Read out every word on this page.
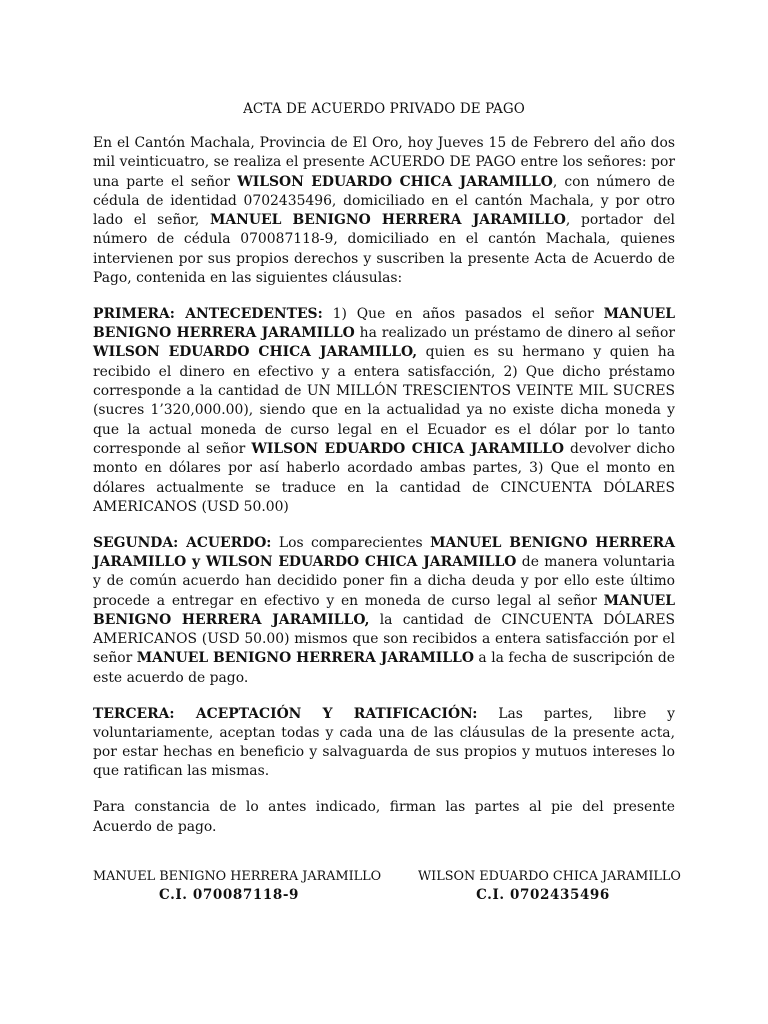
ACTA DE ACUERDO PRIVADO DE PAGO

En el Cantón Machala, Provincia de El Oro, hoy Jueves 15 de Febrero del año dos mil veinticuatro, se realiza el presente ACUERDO DE PAGO entre los señores: por una parte el señor WILSON EDUARDO CHICA JARAMILLO, con número de cédula de identidad 0702435496, domiciliado en el cantón Machala, y por otro lado el señor, MANUEL BENIGNO HERRERA JARAMILLO, portador del número de cédula 070087118-9, domiciliado en el cantón Machala, quienes intervienen por sus propios derechos y suscriben la presente Acta de Acuerdo de Pago, contenida en las siguientes cláusulas:

PRIMERA: ANTECEDENTES: 1) Que en años pasados el señor MANUEL BENIGNO HERRERA JARAMILLO ha realizado un préstamo de dinero al señor WILSON EDUARDO CHICA JARAMILLO, quien es su hermano y quien ha recibido el dinero en efectivo y a entera satisfacción, 2) Que dicho préstamo corresponde a la cantidad de UN MILLÓN TRESCIENTOS VEINTE MIL SUCRES (sucres 1’320,000.00), siendo que en la actualidad ya no existe dicha moneda y que la actual moneda de curso legal en el Ecuador es el dólar por lo tanto corresponde al señor WILSON EDUARDO CHICA JARAMILLO devolver dicho monto en dólares por así haberlo acordado ambas partes, 3) Que el monto en dólares actualmente se traduce en la cantidad de CINCUENTA DÓLARES AMERICANOS (USD 50.00)

SEGUNDA: ACUERDO: Los comparecientes MANUEL BENIGNO HERRERA JARAMILLO y WILSON EDUARDO CHICA JARAMILLO de manera voluntaria y de común acuerdo han decidido poner fin a dicha deuda y por ello este último procede a entregar en efectivo y en moneda de curso legal al señor MANUEL BENIGNO HERRERA JARAMILLO, la cantidad de CINCUENTA DÓLARES AMERICANOS (USD 50.00) mismos que son recibidos a entera satisfacción por el señor MANUEL BENIGNO HERRERA JARAMILLO a la fecha de suscripción de este acuerdo de pago.

TERCERA: ACEPTACIÓN Y RATIFICACIÓN: Las partes, libre y voluntariamente, aceptan todas y cada una de las cláusulas de la presente acta, por estar hechas en beneficio y salvaguarda de sus propios y mutuos intereses lo que ratifican las mismas.

Para constancia de lo antes indicado, firman las partes al pie del presente Acuerdo de pago.

MANUEL BENIGNO HERRERA JARAMILLO
C.I. 070087118-9
WILSON EDUARDO CHICA JARAMILLO
C.I. 0702435496
